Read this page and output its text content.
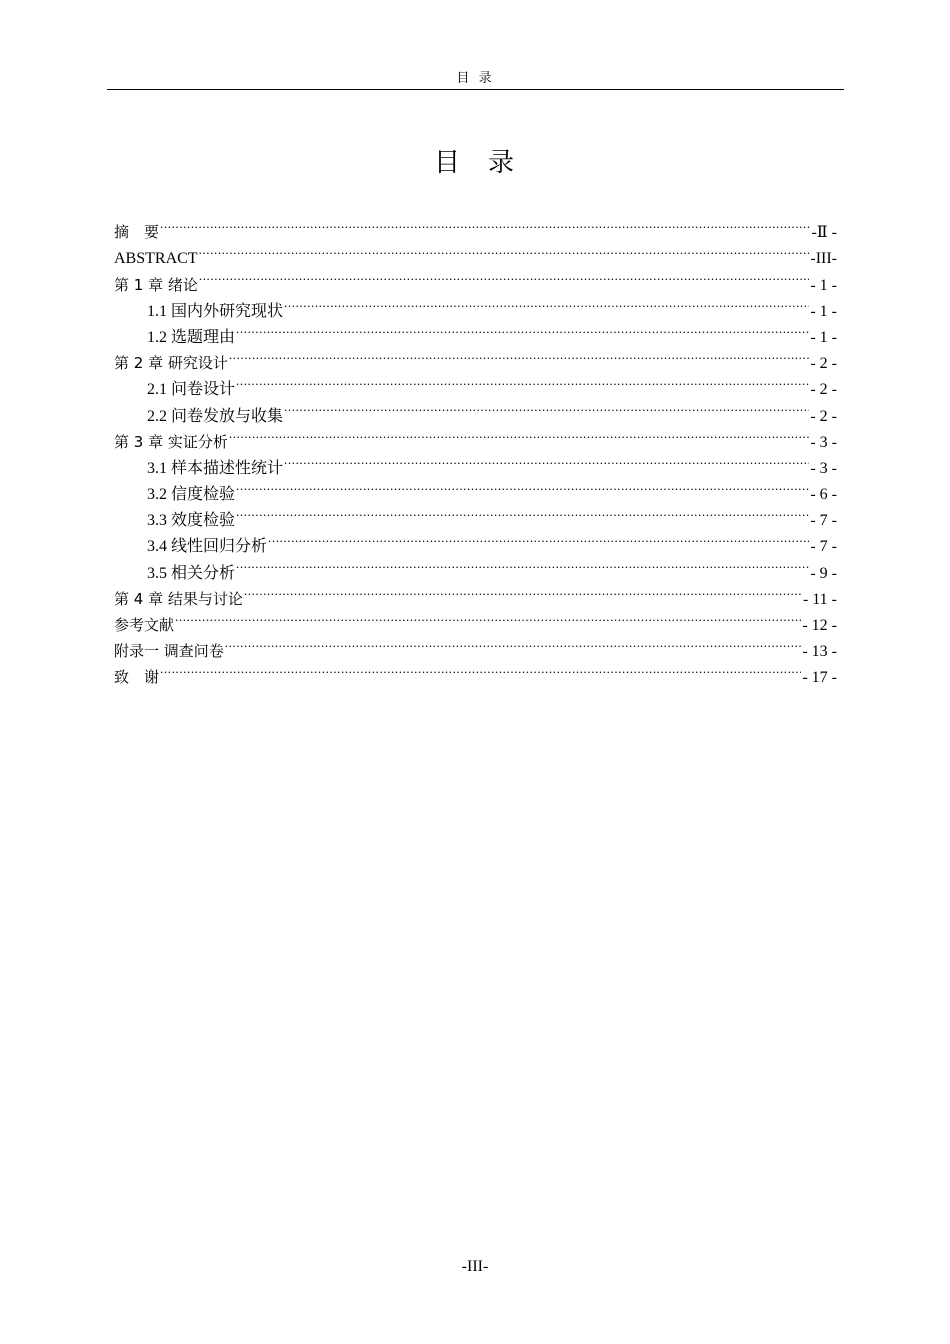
目 录
目 录
摘　要 .....	-Ⅱ -
ABSTRACT .....	-III-
第 1 章 绪论 .....	- 1 -
1.1 国内外研究现状 .....	- 1 -
1.2 选题理由 .....	- 1 -
第 2 章 研究设计 .....	- 2 -
2.1 问卷设计 .....	- 2 -
2.2 问卷发放与收集 .....	- 2 -
第 3 章 实证分析 .....	- 3 -
3.1 样本描述性统计 .....	- 3 -
3.2 信度检验 .....	- 6 -
3.3 效度检验 .....	- 7 -
3.4 线性回归分析 .....	- 7 -
3.5 相关分析 .....	- 9 -
第 4 章 结果与讨论 .....	- 11 -
参考文献 .....	- 12 -
附录一 调查问卷 .....	- 13 -
致　谢 .....	- 17 -
-III-
